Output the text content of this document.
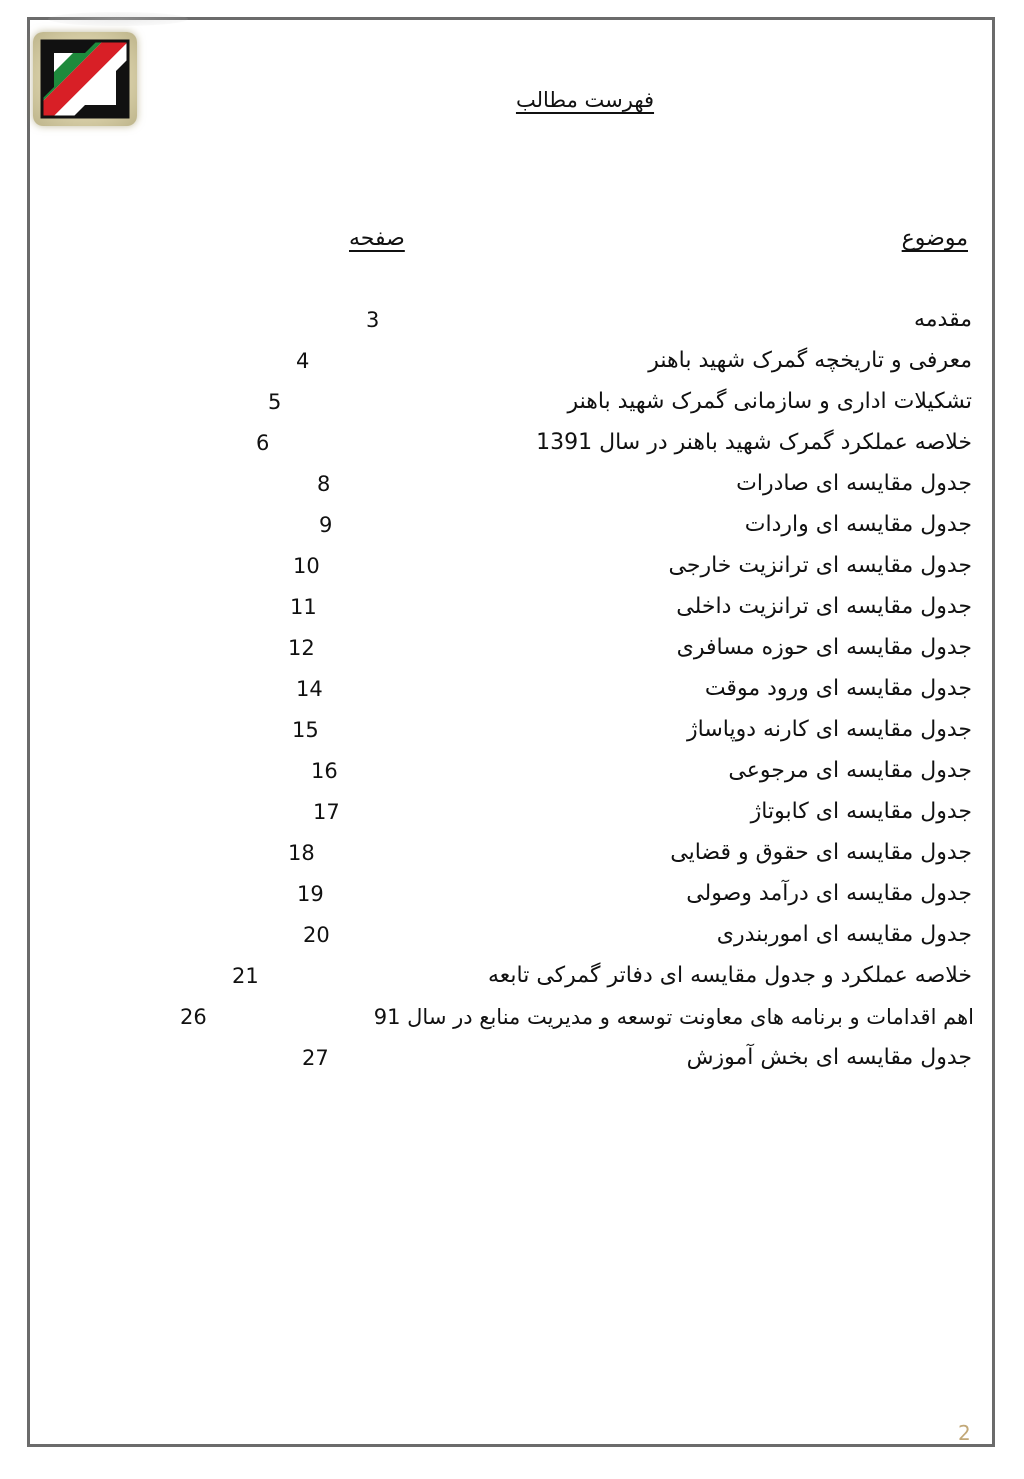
فهرست مطالب
موضوع
صفحه
مقدمه
معرفی و تاریخچه گمرک شهید باهنر
تشکیلات اداری و سازمانی گمرک شهید باهنر
خلاصه عملکرد گمرک شهید باهنر در سال 1391
جدول مقایسه ای صادرات
جدول مقایسه ای واردات
جدول مقایسه ای ترانزیت خارجی
جدول مقایسه ای ترانزیت داخلی
جدول مقایسه ای حوزه مسافری
جدول مقایسه ای ورود موقت
جدول مقایسه ای کارنه دوپاساژ
جدول مقایسه ای مرجوعی
جدول مقایسه ای کابوتاژ
جدول مقایسه ای حقوق و قضایی
جدول مقایسه ای درآمد وصولی
جدول مقایسه ای اموربندری
خلاصه عملکرد و جدول مقایسه ای دفاتر گمرکی تابعه
اهم اقدامات و برنامه های معاونت توسعه و مدیریت منابع در سال 91
جدول مقایسه ای بخش آموزش
3
4
5
6
8
9
10
11
12
14
15
16
17
18
19
20
21
26
27
2
